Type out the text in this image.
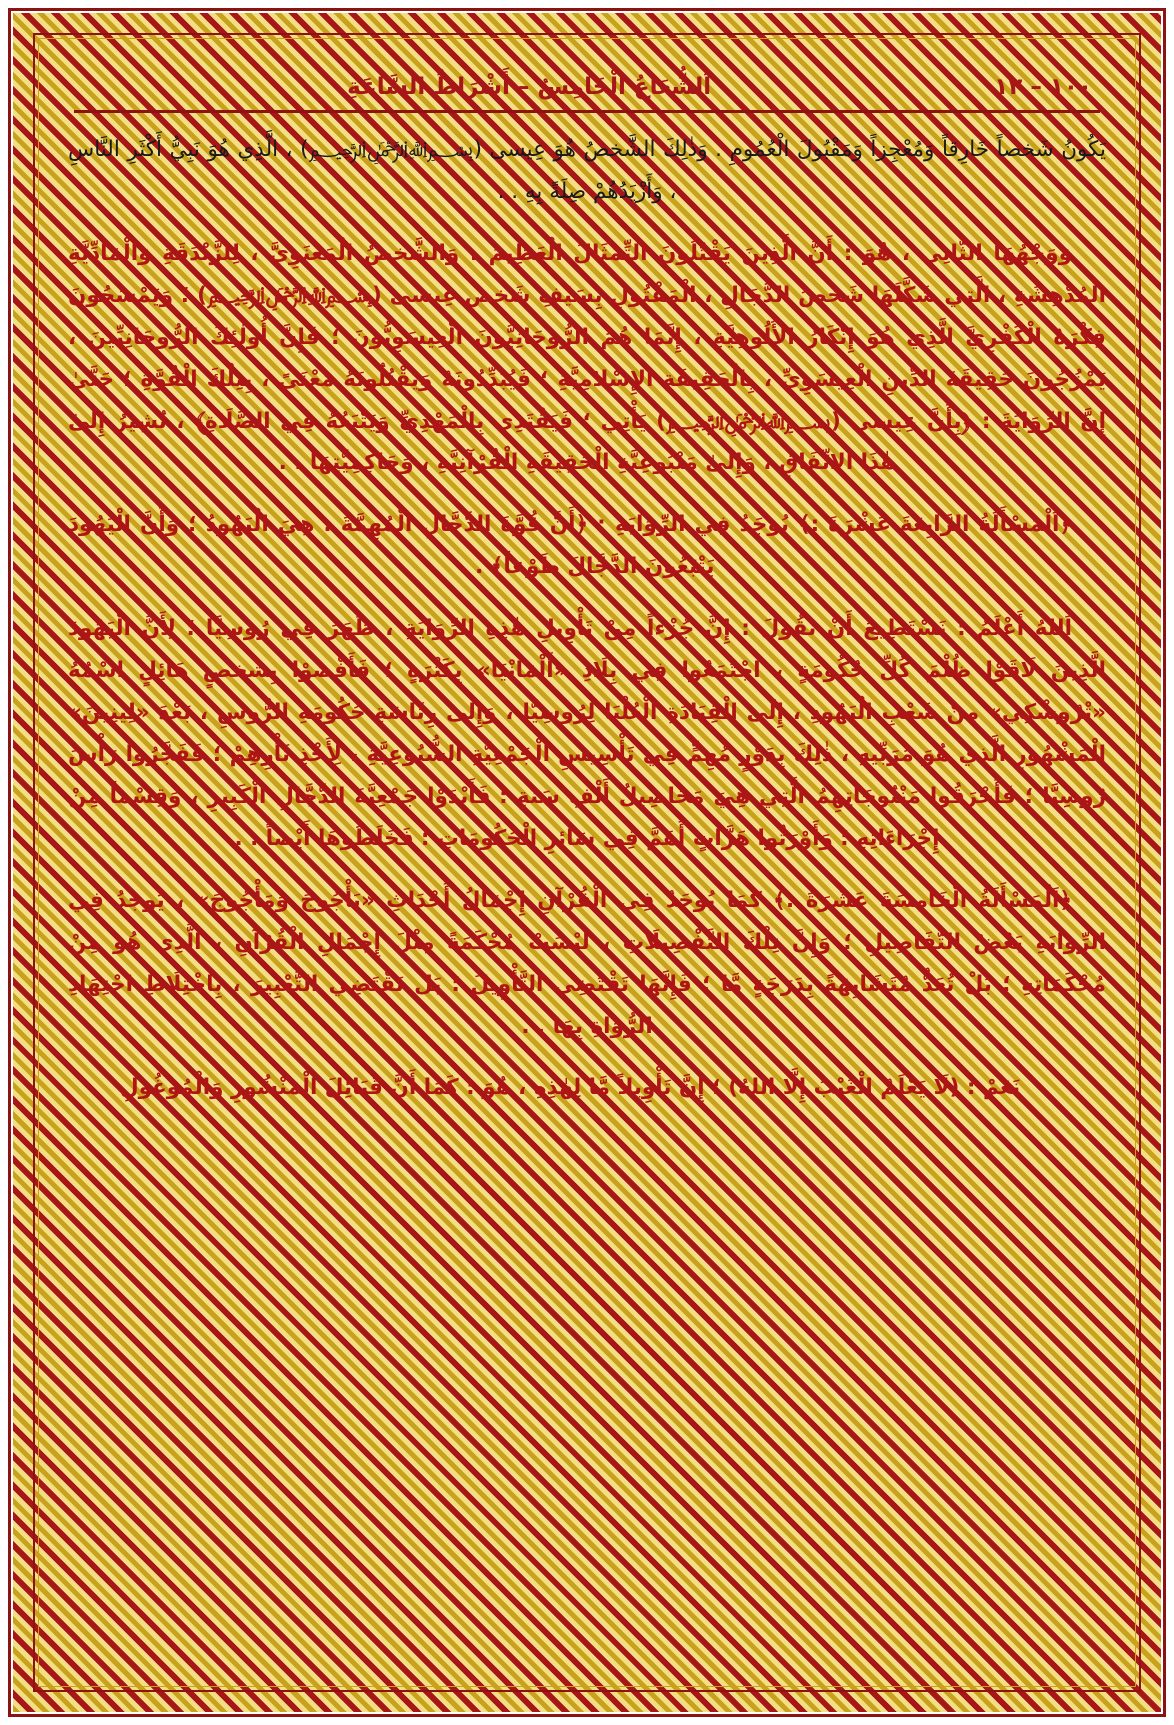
١٠٠ – ١٢
اَلشُّعَاعُ الْخَامِسُ – أَشْرَاطُ السَّاعَةِ

يَكُونُ شَخصاً خَارِقاً وَمُعْجِزاً وَمَقْبُولَ الْعُمُومِ . وَذٰلِكَ الشَّخصُ هُوَ عِيسى (﷽) ، الَّذِي هُوَ نَبِيُّ أَكْثَرِ النَّاسِ ، وَأَزْيَدُهُمْ صِلَةً بِهِ . .

وَوَجْهُهَا الثَّانِي ، هُوَ : أَنَّ الَّذِينَ يَقْتُلُونَ التِّمْثَالَ الْعَظِيمَ ، وَالشَّخصُ الْمَعْنَوِيَّ ، لِلزَّنْدَقَةِ وَالْمَادِّيَّةِ الْمُدْهِشَةِ ، الَّتِي شَكَّلَهَا شَخصُ الدَّجَالِ ، الْمَقْتُولِ بِسَيْفِ شَخصِ عِيسى (﷽) ؛ وَيَمْسَحُونَ فِكْرَهُ الْكُفْرِيَّ الَّذِي هُوَ إِنْكَارُ الأُلُوهِيَّةِ ، إِنَّمَا هُمُ الرُّوحَانِيُّونَ الْعِيسَوِيُّونَ ؛ فَإِنَّ أُولٰئِكَ الرُّوحَانِيِّينَ ، يَمْزُجُونَ حَقِيقَةَ الدِّينِ الْعِيسَوِيِّ ، بِالْحَقِيقَةِ الإِسْلامِيَّةِ ؛ فَيُبَدِّدُونَهُ وَيَقْتُلُونَهُ مَعْنَىً ، بِتِلْكَ الْقُوَّةِ ؛ حَتَّىٰ إِنَّ الرِّوَايَةَ : ﴿بِأَنَّ عِيسى (﷽) يَأْتِي ؛ فَيَقْتَدِي بِالْمَهْدِيِّ وَيَتْبَعُهُ فِي الصَّلَاةِ﴾ ، تُشِيرُ إِلىٰ هٰذَا الاتِّفَاقِ ، وَإِلىٰ مَتْبُوعِيَّةِ الْحَقِيقَةِ الْقُرْآنِيَّةِ ، وَحَاكِمِيَّتِهَا . .

﴿اَلْمَسْأَلَةُ الرَّابِعَةَ عَشْرَةَ :﴾ يُوجَدُ فِي الرِّوَايَةِ : ﴿أَنَّ قُوَّةَ الدَّجَّالِ الْمُهِمَّةَ ، هِيَ الْيَهُودُ ؛ وَأَنَّ الْيَهُودَ يَتْبَعُونَ الدَّجَّالَ طَوْعاً﴾ . .

اَللهُ أَعْلَمُ : نَسْتَطِيعُ أَنْ نَقُولَ : إِنَّ جُزْءاً مِنْ تَأْوِيلِ هٰذِهِ الرِّوَايَةِ ، ظَهَرَ فِي رُوسِيَّا ؛ لِأَنَّ الْيَهُودَ الَّذِينَ لَاقَوْا ظُلْمَ كُلِّ حُكُومَةٍ ، اجْتَمَعُوا فِي بِلَادِ «أَلْمَانْيَا» بِكَثْرَةٍ ؛ فَأَفْضَوْا بِشَخصٍ هَائِلٍ اسْمُهُ «تْرُوشْكِي» مِنْ شَعْبِ الْيَهُودِ ، إِلَى الْقِيَادَةِ الْعُلْيَا لِرُوسِيَّا ، وَإِلىٰ رِئَاسَةِ حُكُومَةِ الرُّوسِ ، بَعْدَ «لِينِينَ» الْمَشْهُورِ الَّذِي هُوَ مُرَبِّيهِ ، ذٰلِكَ بِدَوْرٍ مُهِمٍّ فِي تَأْسِيسِ الْجَمْعِيَّةِ الشُّيُوعِيَّةِ ، لِأَخْذِ ثَأْرِهِمْ ؛ فَفَجَّرُوا رَأْسَ رُوسِيَّا ؛ فَأَحْرَقُوا مَنْتُوجَاتِهِمُ الَّتِي هِيَ مَحَاصِيلُ أَلْفِ سَنَةٍ ؛ فَأَبْدَوْا جَمْعِيَّةَ الدَّجَّالِ الْكَبِيرِ ، وَقِسْماً مِنْ إِجْرَاءَاتِهِ ؛ وَأَوْرَثُوا هَزَّاتٍ أَهَمَّ فِي سَائِرِ الْحُكُومَاتِ ؛ فَخَلَطُوهَا أَيْضاً . .

﴿اَلْمَسْأَلَةُ الْخَامِسَةَ عَشْرَةَ :﴾ كَمَا يُوجَدُ فِي الْقُرْآنِ إِجْمَالُ أَحْدَاثِ «يَأْجُوجَ وَمَأْجُوجَ» ، يُوجَدُ فِي الرِّوَايَةِ بَعْضُ التَّفَاصِيلِ ؛ وَإِنَّ تِلْكَ التَّفْصِيلَاتِ ، لَيْسَتْ مُحْكَمَةً مِثْلَ إِجْمَالِ الْقُرْآنِ ، الَّذِي هُوَ مِنْ مُحْكَمَاتِهِ ؛ بَلْ تُعَدُّ مُتَشَابِهَةً بِدَرَجَةٍ مَّا ؛ فَإِنَّهَا تَقْتَضِي التَّأْوِيلَ ؛ بَلْ تَقْتَضِي التَّعْبِيرَ ، بِاخْتِلَاطِ اجْتِهَادِ الرُّوَاةِ بِهَا . .

نَعَمْ : (لَا يَعْلَمُ الْغَيْبَ إِلَّا اللهُ) ؛ إِنَّ تَأْوِيلاً مَّا لِهٰذِهِ ، هُوَ : كَمَا أَنَّ قَبَائِلَ الْمَنْشُورِ وَالْمُوغُولِ
